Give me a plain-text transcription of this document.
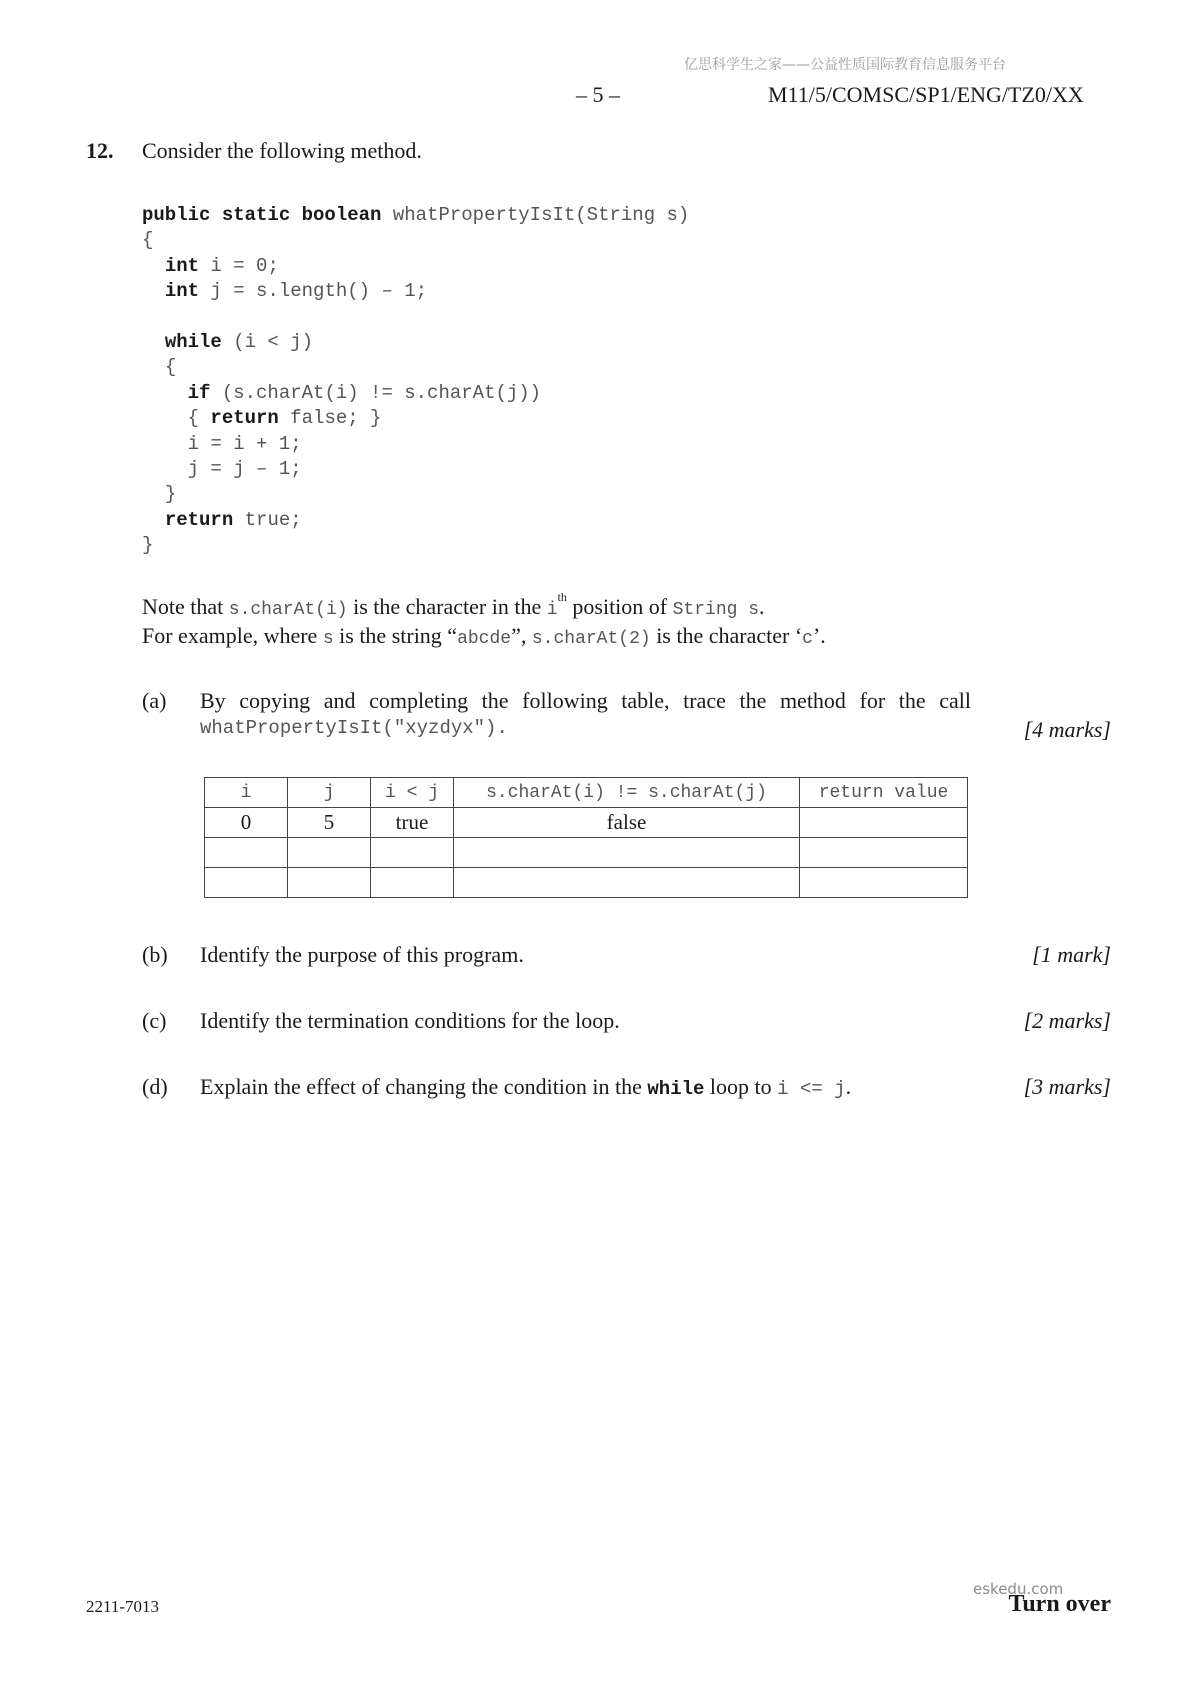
亿思科学生之家——公益性质国际教育信息服务平台
– 5 –	M11/5/COMSC/SP1/ENG/TZ0/XX
12. Consider the following method.
public static boolean whatPropertyIsIt(String s)
{
int i = 0;
int j = s.length() – 1;

while (i < j)
{
if (s.charAt(i) != s.charAt(j))
{ return false; }
i = i + 1;
j = j – 1;
}
return true;
}
Note that s.charAt(i) is the character in the $i^{th}$ position of String s.
For example, where s is the string “abcde”, s.charAt(2) is the character ‘c’.
(a) By copying and completing the following table, trace the method for the call
whatPropertyIsIt("xyzdyx").	[4 marks]
i	j	i < j	s.charAt(i) != s.charAt(j)	return value
0	5	true	false	

(b) Identify the purpose of this program.	[1 mark]
(c) Identify the termination conditions for the loop.	[2 marks]
(d) Explain the effect of changing the condition in the while loop to i <= j.	[3 marks]
2211-7013
eskedu.com
Turn over
